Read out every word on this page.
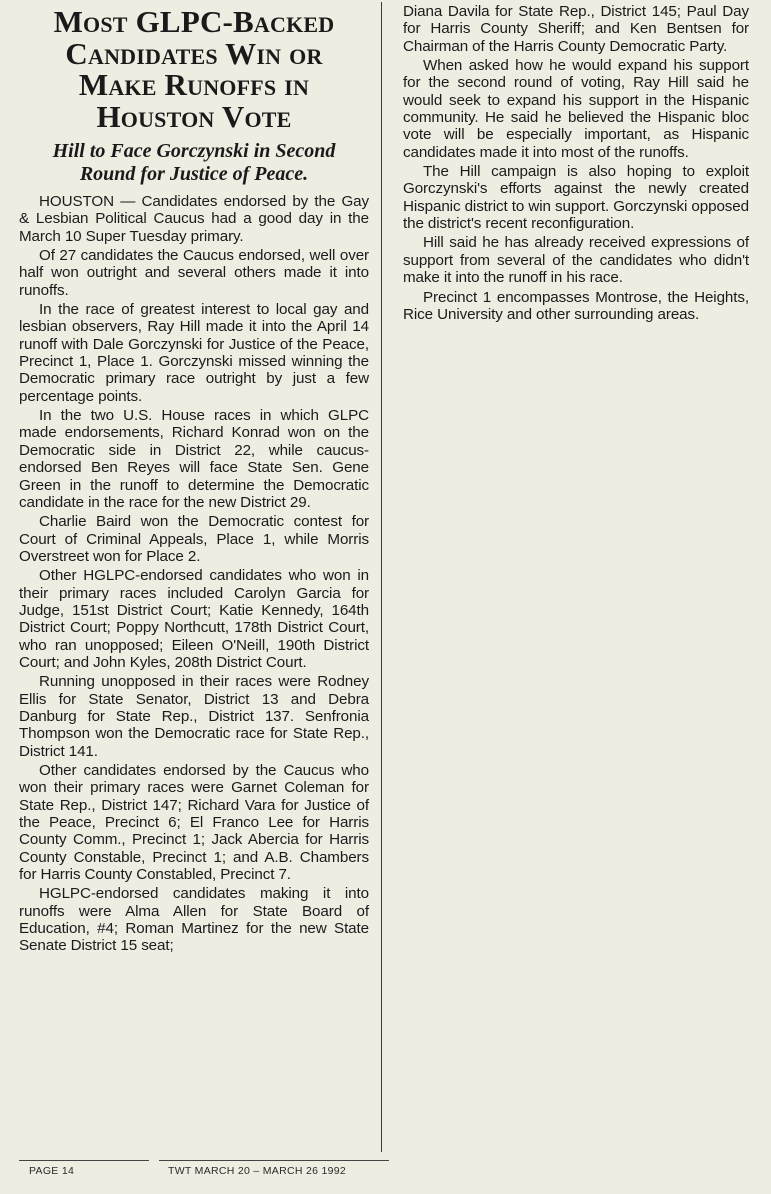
Most GLPC-Backed
Candidates Win or
Make Runoffs in
Houston Vote
Hill to Face Gorczynski in Second
Round for Justice of Peace.

HOUSTON — Candidates endorsed by the Gay & Lesbian Political Caucus had a good day in the March 10 Super Tuesday primary.

Of 27 candidates the Caucus endorsed, well over half won outright and several others made it into runoffs.

In the race of greatest interest to local gay and lesbian observers, Ray Hill made it into the April 14 runoff with Dale Gorczynski for Justice of the Peace, Precinct 1, Place 1. Gorczynski missed winning the Democratic primary race outright by just a few percentage points.

In the two U.S. House races in which GLPC made endorsements, Richard Konrad won on the Democratic side in District 22, while caucus-endorsed Ben Reyes will face State Sen. Gene Green in the runoff to determine the Democratic candidate in the race for the new District 29.

Charlie Baird won the Democratic contest for Court of Criminal Appeals, Place 1, while Morris Overstreet won for Place 2.

Other HGLPC-endorsed candidates who won in their primary races included Carolyn Garcia for Judge, 151st District Court; Katie Kennedy, 164th District Court; Poppy Northcutt, 178th District Court, who ran unopposed; Eileen O'Neill, 190th District Court; and John Kyles, 208th District Court.

Running unopposed in their races were Rodney Ellis for State Senator, District 13 and Debra Danburg for State Rep., District 137. Senfronia Thompson won the Democratic race for State Rep., District 141.

Other candidates endorsed by the Caucus who won their primary races were Garnet Coleman for State Rep., District 147; Richard Vara for Justice of the Peace, Precinct 6; El Franco Lee for Harris County Comm., Precinct 1; Jack Abercia for Harris County Constable, Precinct 1; and A.B. Chambers for Harris County Constabled, Precinct 7.

HGLPC-endorsed candidates making it into runoffs were Alma Allen for State Board of Education, #4; Roman Martinez for the new State Senate District 15 seat;

Diana Davila for State Rep., District 145; Paul Day for Harris County Sheriff; and Ken Bentsen for Chairman of the Harris County Democratic Party.

When asked how he would expand his support for the second round of voting, Ray Hill said he would seek to expand his support in the Hispanic community. He said he believed the Hispanic bloc vote will be especially important, as Hispanic candidates made it into most of the runoffs.

The Hill campaign is also hoping to exploit Gorczynski's efforts against the newly created Hispanic district to win support. Gorczynski opposed the district's recent reconfiguration.

Hill said he has already received expressions of support from several of the candidates who didn't make it into the runoff in his race.

Precinct 1 encompasses Montrose, the Heights, Rice University and other surrounding areas.

PAGE 14	TWT MARCH 20 – MARCH 26 1992
